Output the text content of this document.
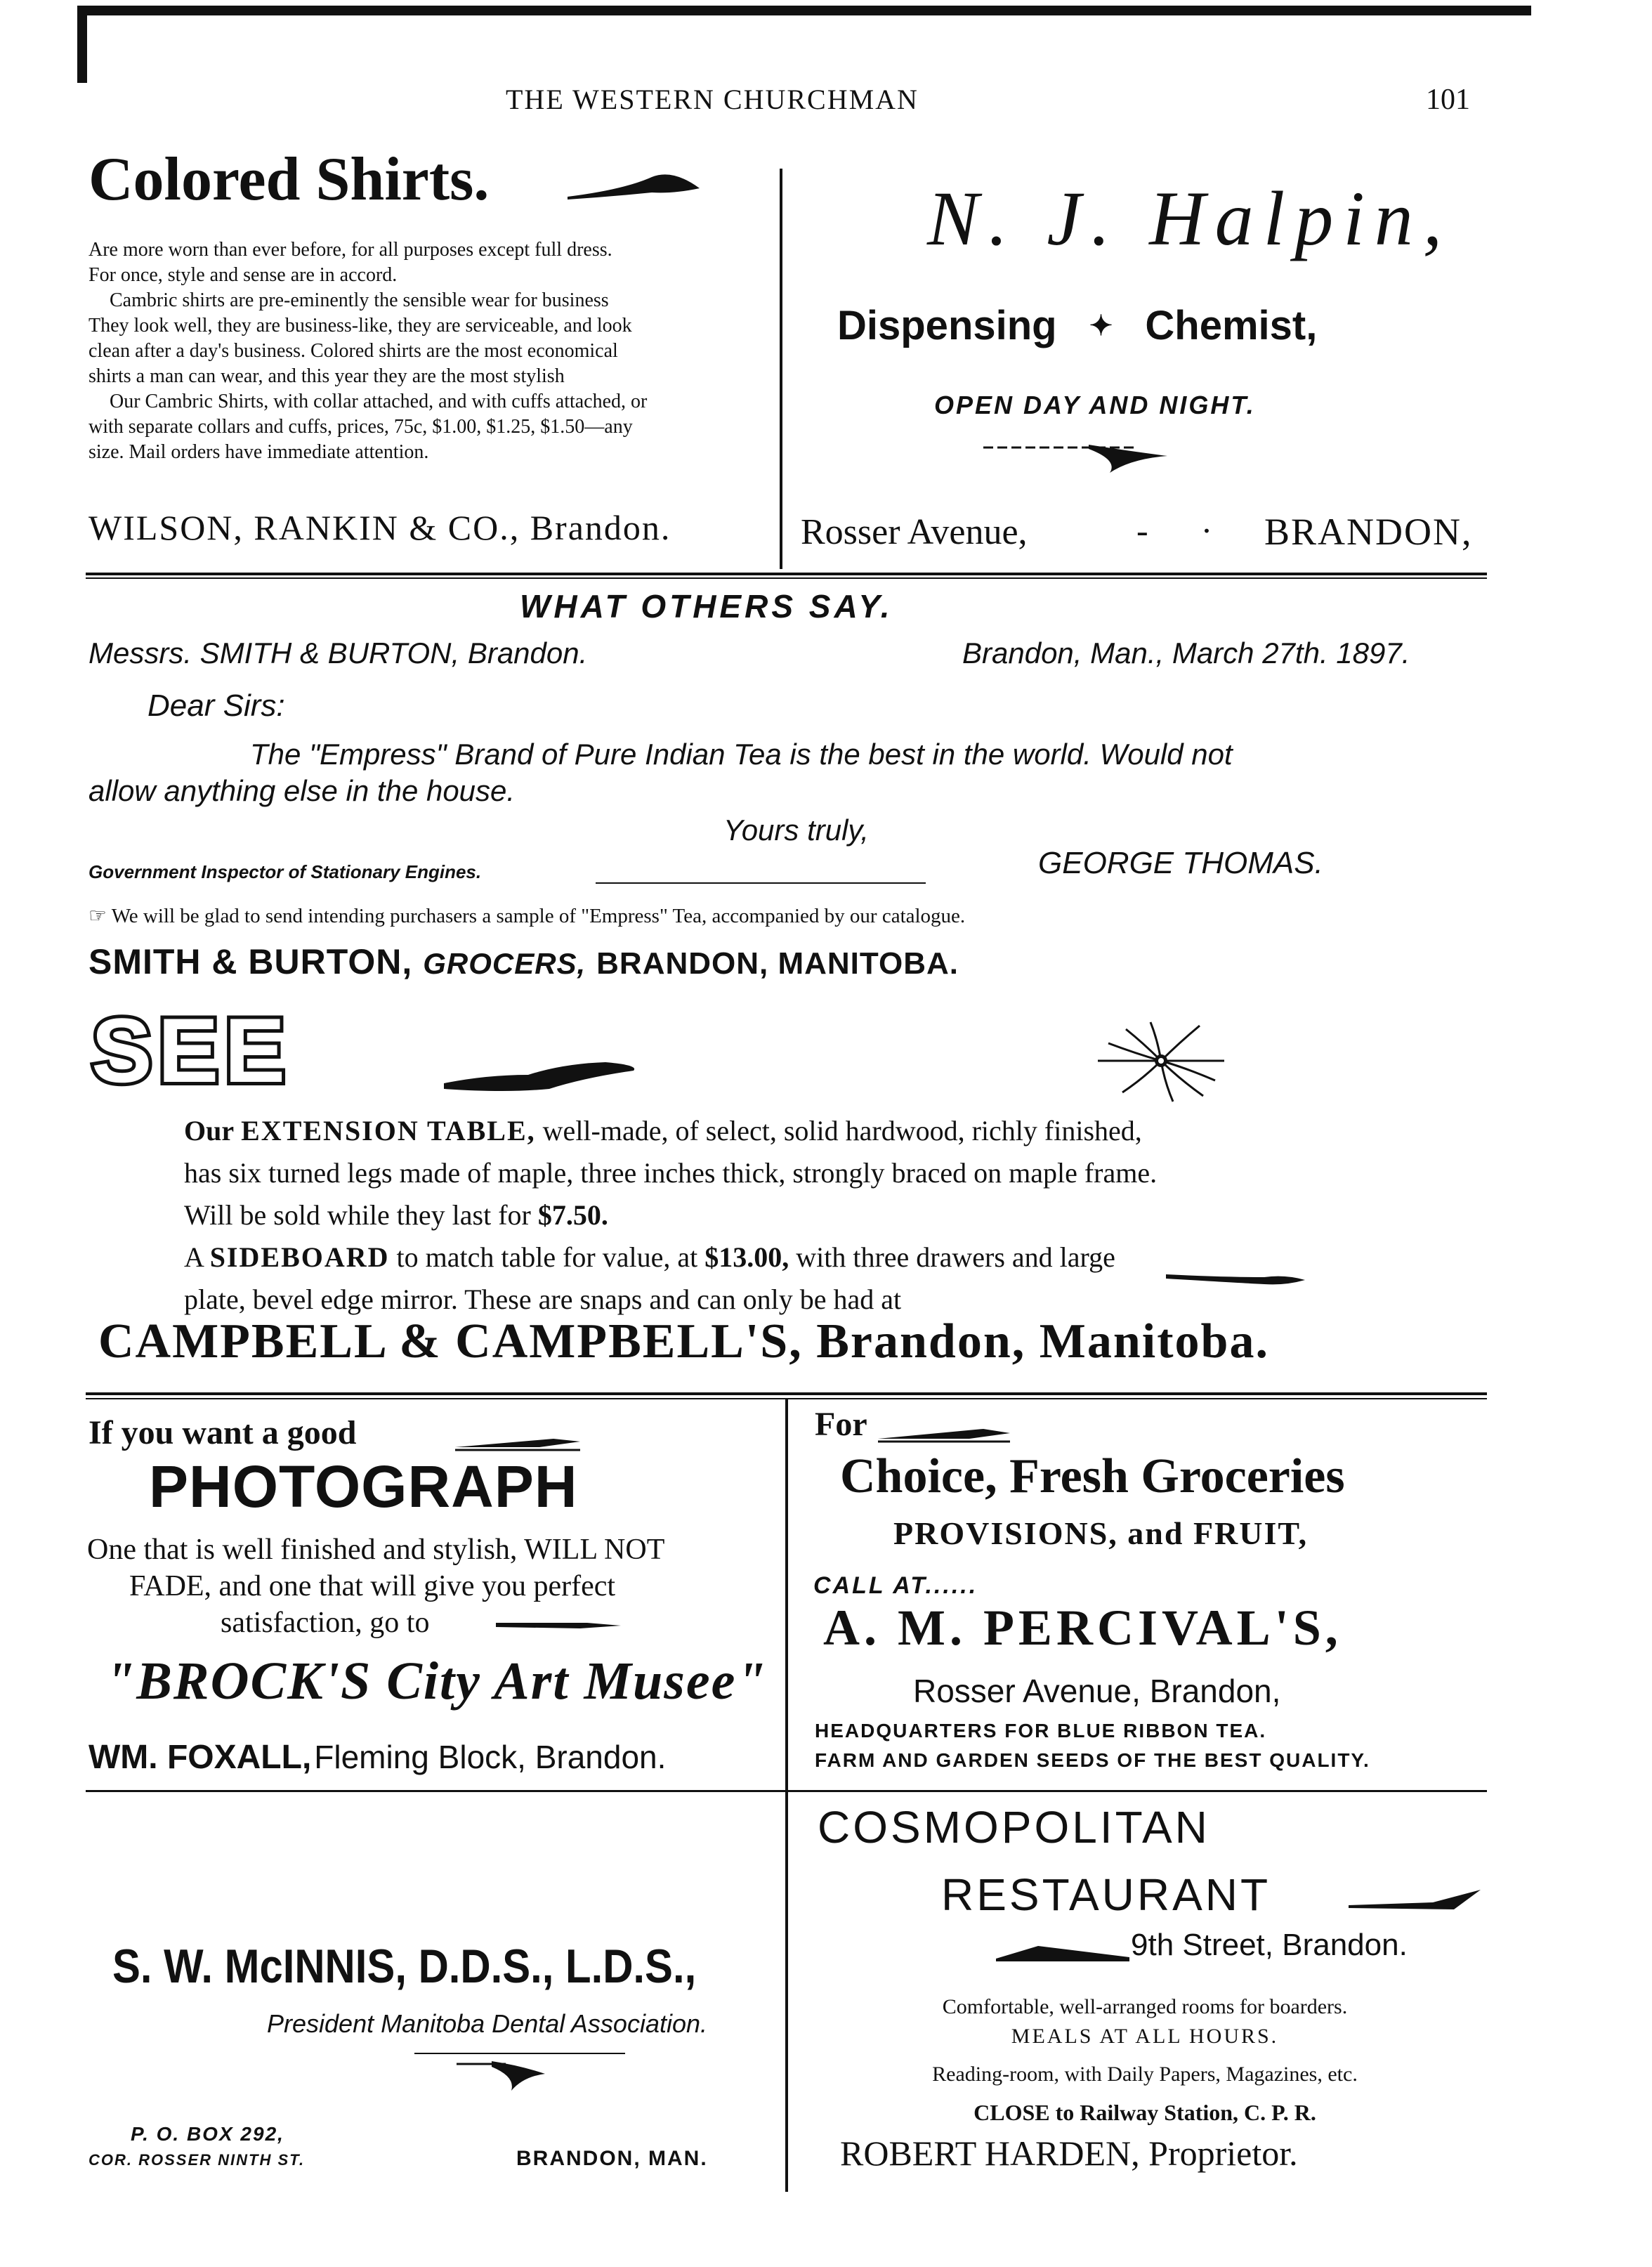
THE WESTERN CHURCHMAN	101
Colored Shirts.

Are more worn than ever before, for all purposes except full dress.

For once, style and sense are in accord.

Cambric shirts are pre-eminently the sensible wear for business

They look well, they are business-like, they are serviceable, and look

clean after a day's business. Colored shirts are the most economical

shirts a man can wear, and this year they are the most stylish

Our Cambric Shirts, with collar attached, and with cuffs attached, or

with separate collars and cuffs, prices, 75c, $1.00, $1.25, $1.50—any

size. Mail orders have immediate attention.

WILSON, RANKIN & CO., Brandon.
N. J. Halpin,
Dispensing ✦ Chemist,
OPEN DAY AND NIGHT.
Rosser Avenue,	-      · BRANDON,
WHAT OTHERS SAY.
Messrs. SMITH & BURTON, Brandon.	Brandon, Man., March 27th. 1897.
Dear Sirs:
The "Empress" Brand of Pure Indian Tea is the best in the world. Would not
allow anything else in the house.
Yours truly,
Government Inspector of Stationary Engines.	GEORGE THOMAS.
☞ We will be glad to send intending purchasers a sample of "Empress" Tea, accompanied by our catalogue.
SMITH & BURTON, GROCERS, BRANDON, MANITOBA.
SEE

Our EXTENSION TABLE, well-made, of select, solid hardwood, richly finished,

has six turned legs made of maple, three inches thick, strongly braced on maple frame.

Will be sold while they last for $7.50.

A SIDEBOARD to match table for value, at $13.00, with three drawers and large

plate, bevel edge mirror. These are snaps and can only be had at

CAMPBELL & CAMPBELL'S, Brandon, Manitoba.
If you want a good
PHOTOGRAPH

One that is well finished and stylish, WILL NOT

FADE, and one that will give you perfect

satisfaction, go to

"BROCK'S City Art Musee"
WM. FOXALL, Fleming Block, Brandon.
For
Choice, Fresh Groceries
PROVISIONS, and FRUIT,
CALL AT......
A. M. PERCIVAL'S,
Rosser Avenue, Brandon,
HEADQUARTERS FOR BLUE RIBBON TEA.
FARM AND GARDEN SEEDS OF THE BEST QUALITY.
S. W. McINNIS, D.D.S., L.D.S.,
President Manitoba Dental Association.
P. O. BOX 292,
COR. ROSSER NINTH ST.	BRANDON, MAN.
COSMOPOLITAN
RESTAURANT
9th Street, Brandon.

Comfortable, well-arranged rooms for boarders.

MEALS AT ALL HOURS.

Reading-room, with Daily Papers, Magazines, etc.

CLOSE to Railway Station, C. P. R.

ROBERT HARDEN, Proprietor.
